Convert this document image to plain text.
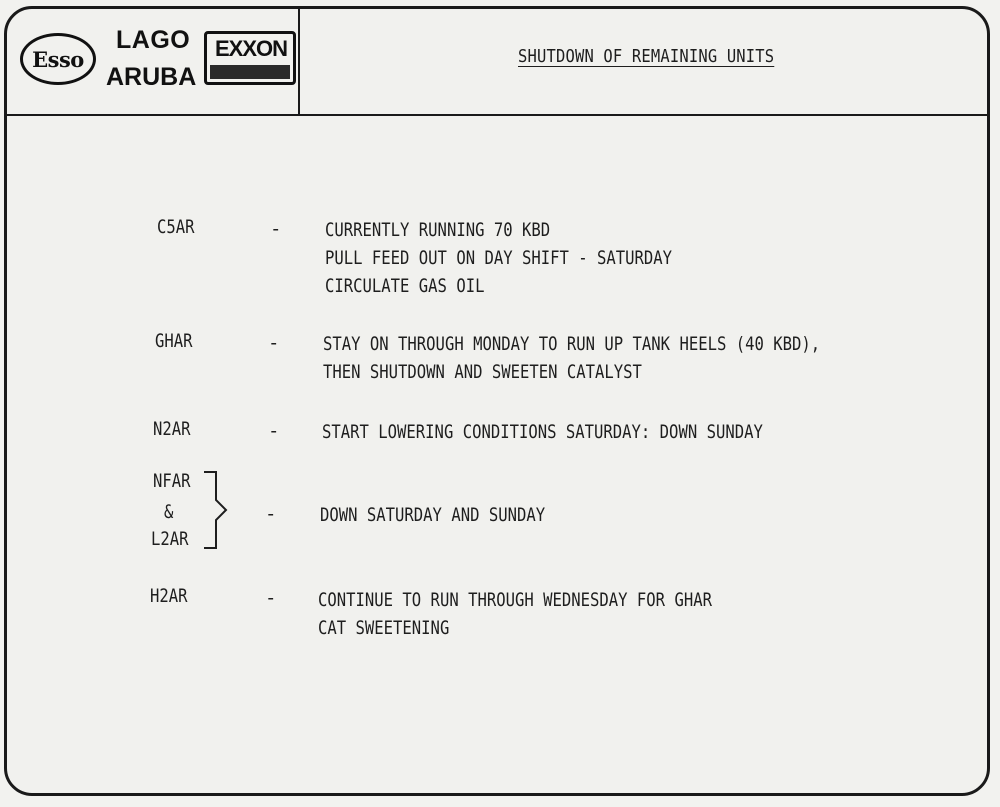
Esso
LAGO
ARUBA
EXXON	SHUTDOWN OF REMAINING UNITS
C5AR	- CURRENTLY RUNNING 70 KBD
PULL FEED OUT ON DAY SHIFT - SATURDAY
CIRCULATE GAS OIL
GHAR	- STAY ON THROUGH MONDAY TO RUN UP TANK HEELS (40 KBD),
THEN SHUTDOWN AND SWEETEN CATALYST
N2AR	- START LOWERING CONDITIONS SATURDAY: DOWN SUNDAY
NFAR
&
L2AR
- DOWN SATURDAY AND SUNDAY
H2AR	- CONTINUE TO RUN THROUGH WEDNESDAY FOR GHAR
CAT SWEETENING
